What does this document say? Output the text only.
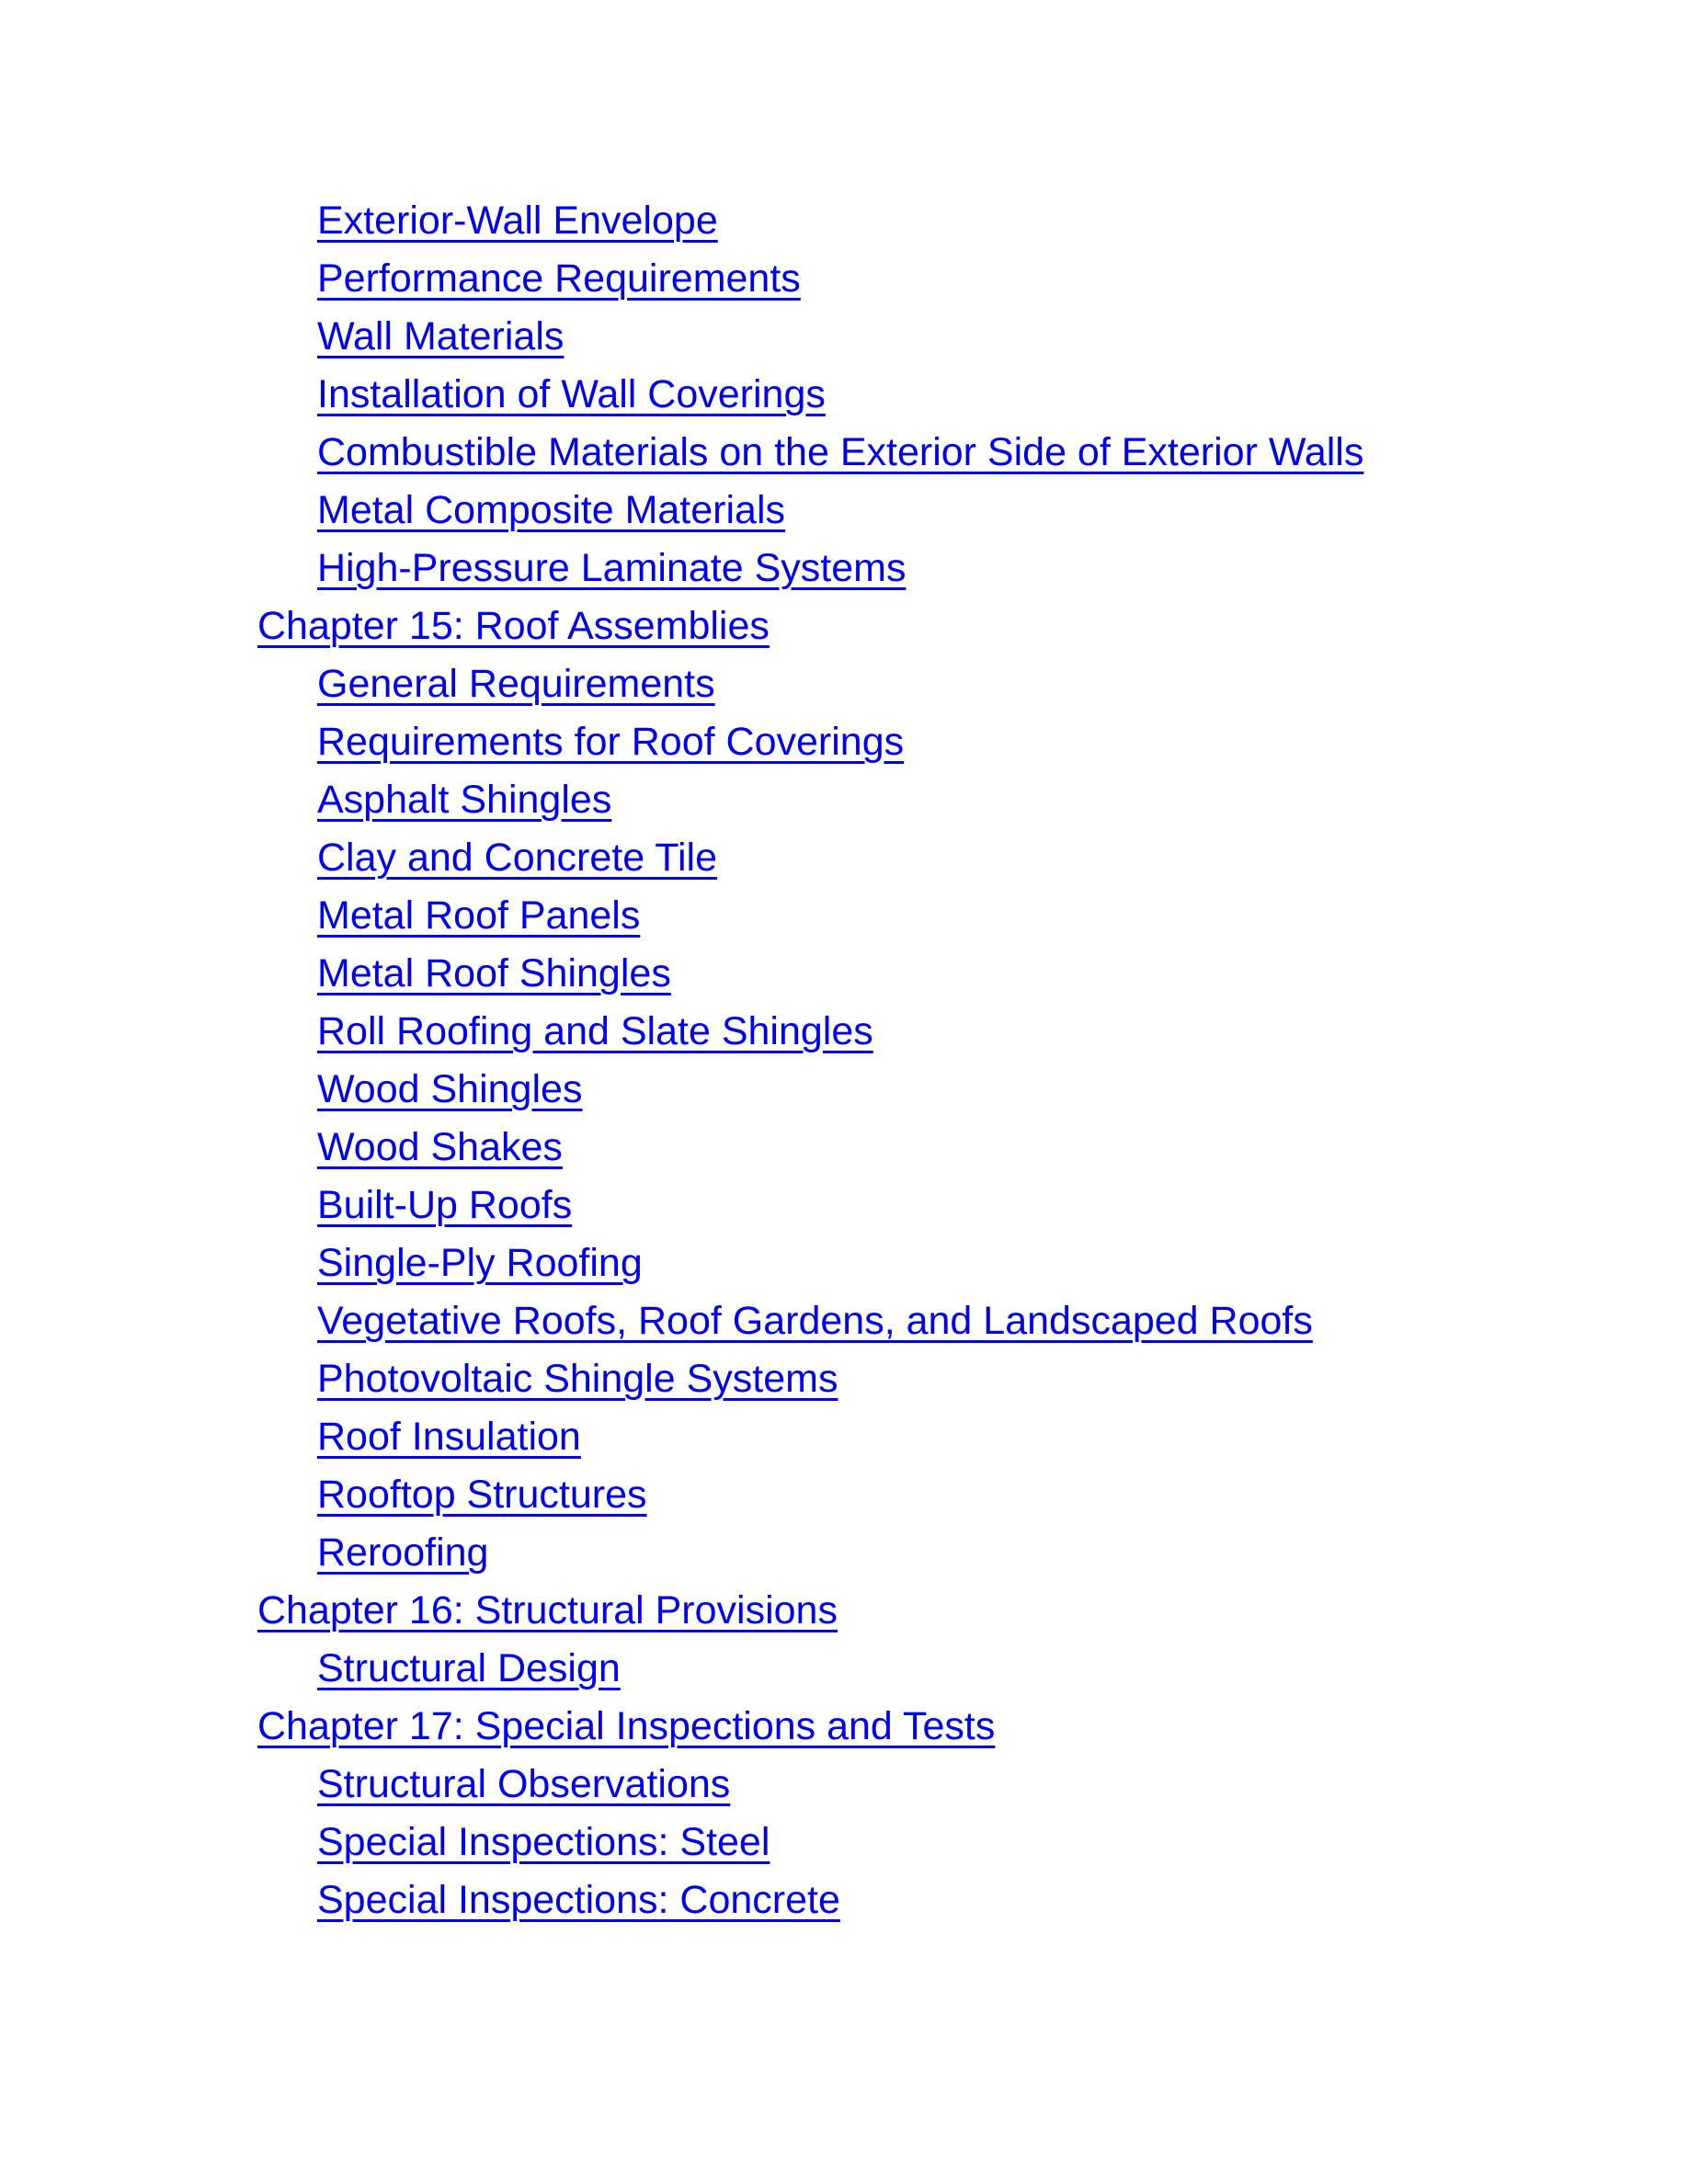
Exterior-Wall Envelope
Performance Requirements
Wall Materials
Installation of Wall Coverings
Combustible Materials on the Exterior Side of Exterior Walls
Metal Composite Materials
High-Pressure Laminate Systems
Chapter 15: Roof Assemblies
General Requirements
Requirements for Roof Coverings
Asphalt Shingles
Clay and Concrete Tile
Metal Roof Panels
Metal Roof Shingles
Roll Roofing and Slate Shingles
Wood Shingles
Wood Shakes
Built-Up Roofs
Single-Ply Roofing
Vegetative Roofs, Roof Gardens, and Landscaped Roofs
Photovoltaic Shingle Systems
Roof Insulation
Rooftop Structures
Reroofing
Chapter 16: Structural Provisions
Structural Design
Chapter 17: Special Inspections and Tests
Structural Observations
Special Inspections: Steel
Special Inspections: Concrete
